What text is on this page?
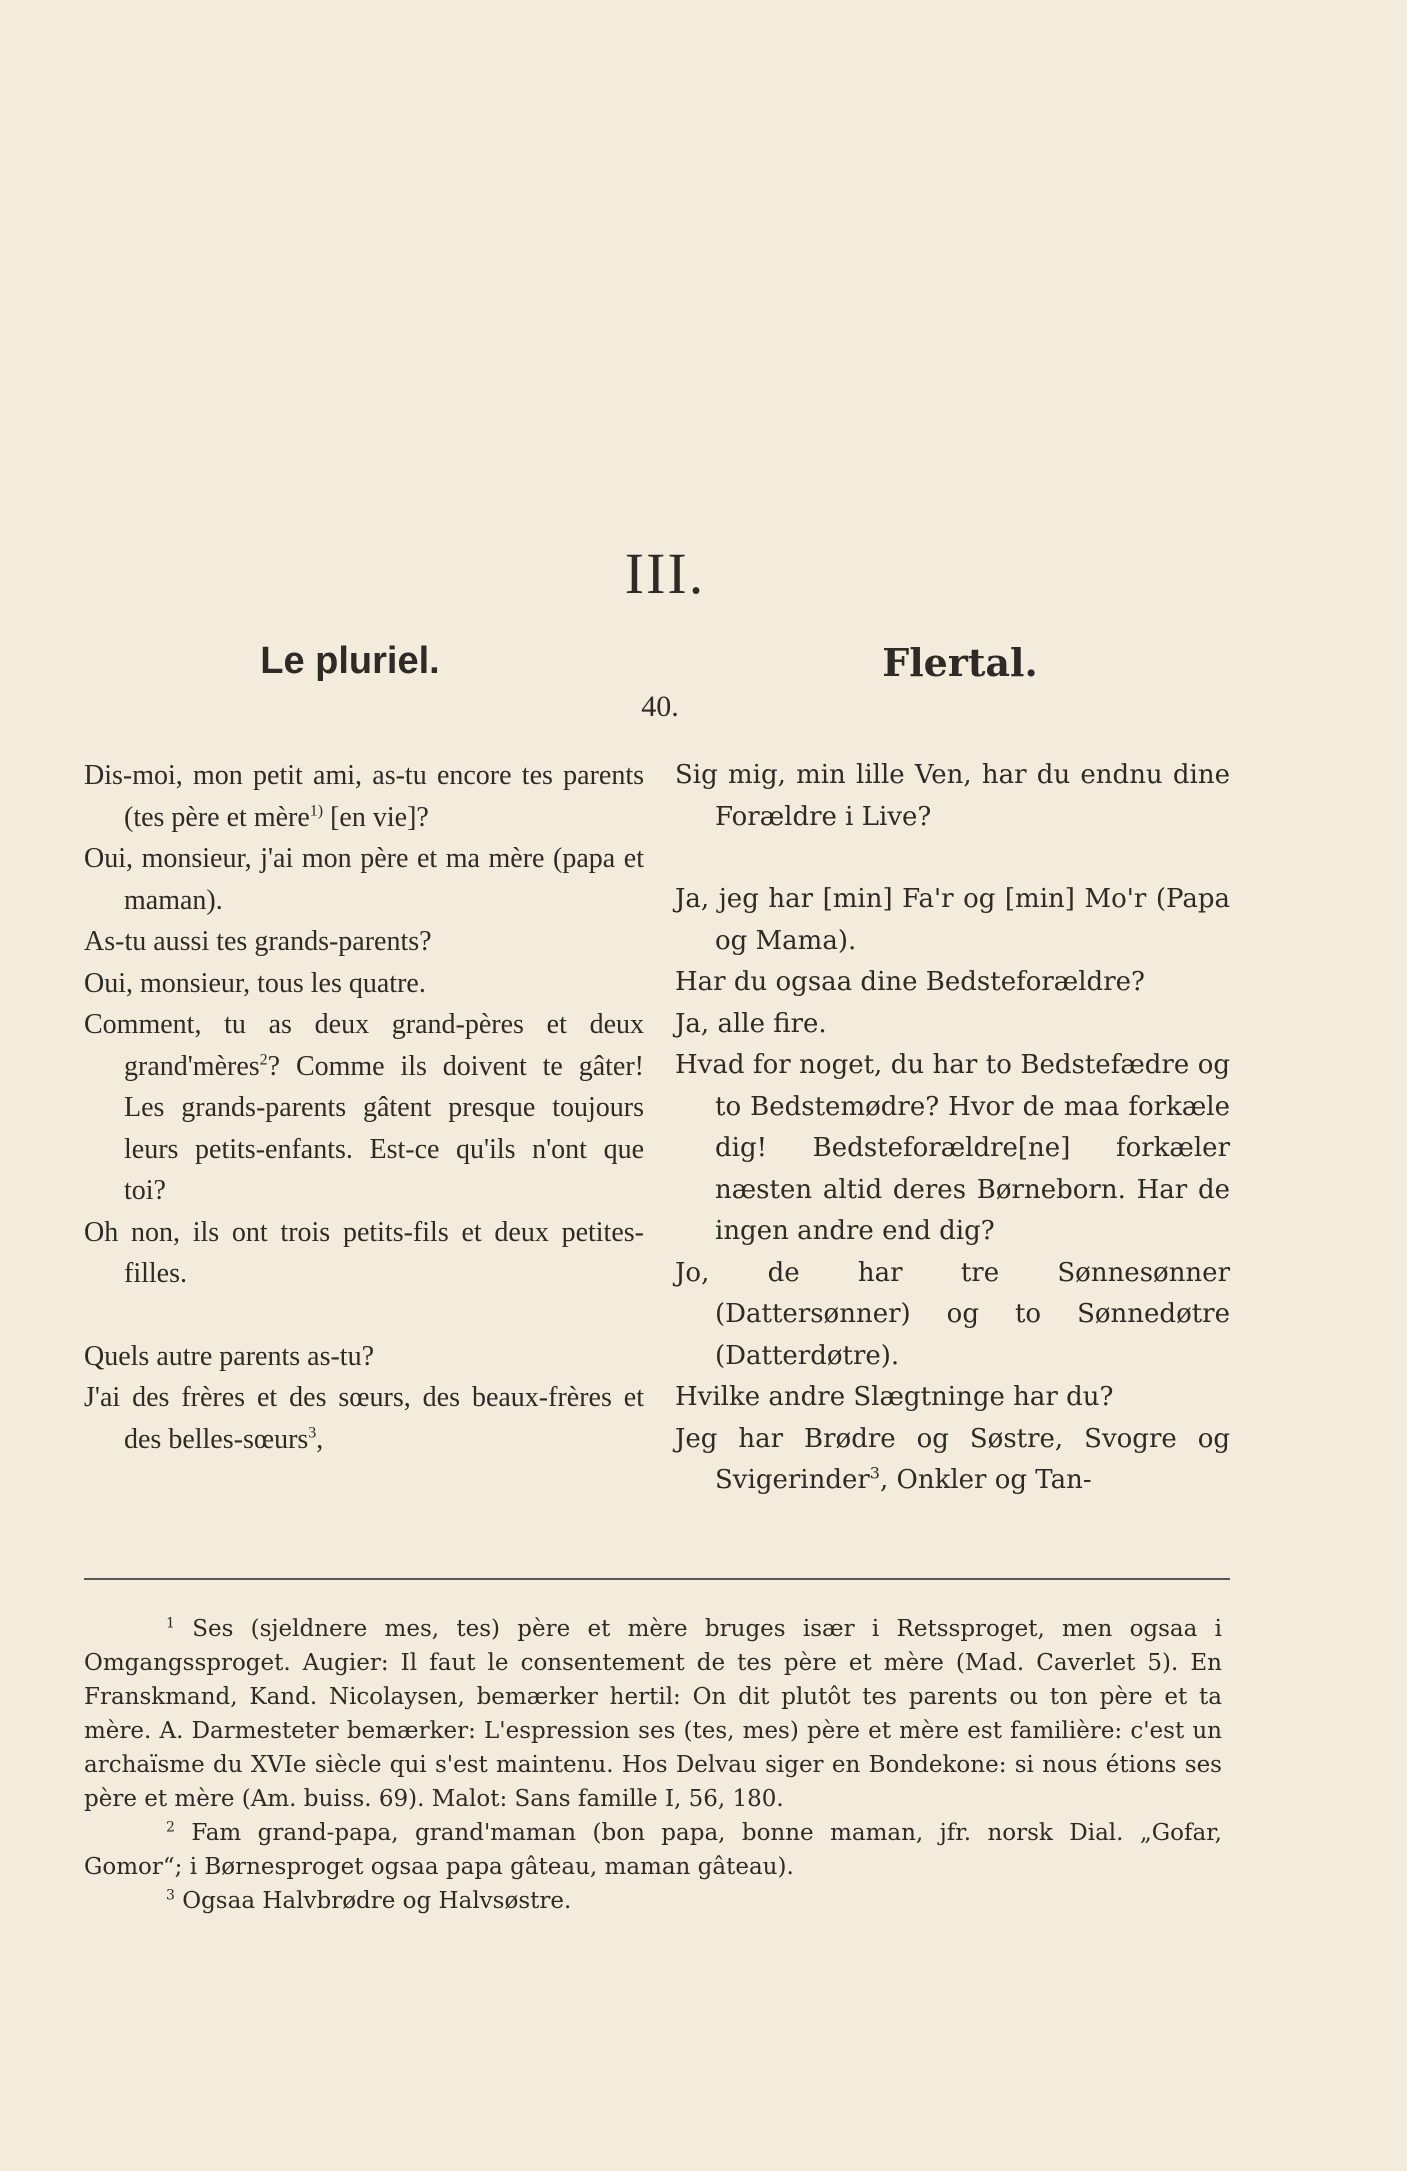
III.
Le pluriel.	Flertal.
40.
Dis-moi, mon petit ami, as-tu encore tes parents (tes père et mère$^{1)}$ [en vie]?
Oui, monsieur, j'ai mon père et ma mère (papa et maman).
As-tu aussi tes grands-parents?
Oui, monsieur, tous les quatre.
Comment, tu as deux grand-pères et deux grand'mères$^2$? Comme ils doivent te gâter! Les grands-parents gâtent presque toujours leurs petits-enfants. Est-ce qu'ils n'ont que toi?
Oh non, ils ont trois petits-fils et deux petites-filles.
Quels autre parents as-tu?
J'ai des frères et des sœurs, des beaux-frères et des belles-sœurs$^3$,
Sig mig, min lille Ven, har du endnu dine Forældre i Live?
Ja, jeg har [min] Fa'r og [min] Mo'r (Papa og Mama).
Har du ogsaa dine Bedsteforældre?
Ja, alle fire.
Hvad for noget, du har to Bedstefædre og to Bedstemødre? Hvor de maa forkæle dig! Bedsteforældre[ne] forkæler næsten altid deres Børneborn. Har de ingen andre end dig?
Jo, de har tre Sønnesønner (Dattersønner) og to Sønnedøtre (Datterdøtre).
Hvilke andre Slægtninge har du?
Jeg har Brødre og Søstre, Svogre og Svigerinder$^3$, Onkler og Tan-
$^1$ Ses (sjeldnere mes, tes) père et mère bruges især i Retssproget, men ogsaa i Omgangssproget. Augier: Il faut le consentement de tes père et mère (Mad. Caverlet 5). En Franskmand, Kand. Nicolaysen, bemærker hertil: On dit plutôt tes parents ou ton père et ta mère. A. Darmesteter bemærker: L'espression ses (tes, mes) père et mère est familière: c'est un archaïsme du XVIe siècle qui s'est maintenu. Hos Delvau siger en Bondekone: si nous étions ses père et mère (Am. buiss. 69). Malot: Sans famille I, 56, 180.
$^2$ Fam grand-papa, grand'maman (bon papa, bonne maman, jfr. norsk Dial. „Gofar, Gomor“; i Børnesproget ogsaa papa gâteau, maman gâteau).
$^3$ Ogsaa Halvbrødre og Halvsøstre.
